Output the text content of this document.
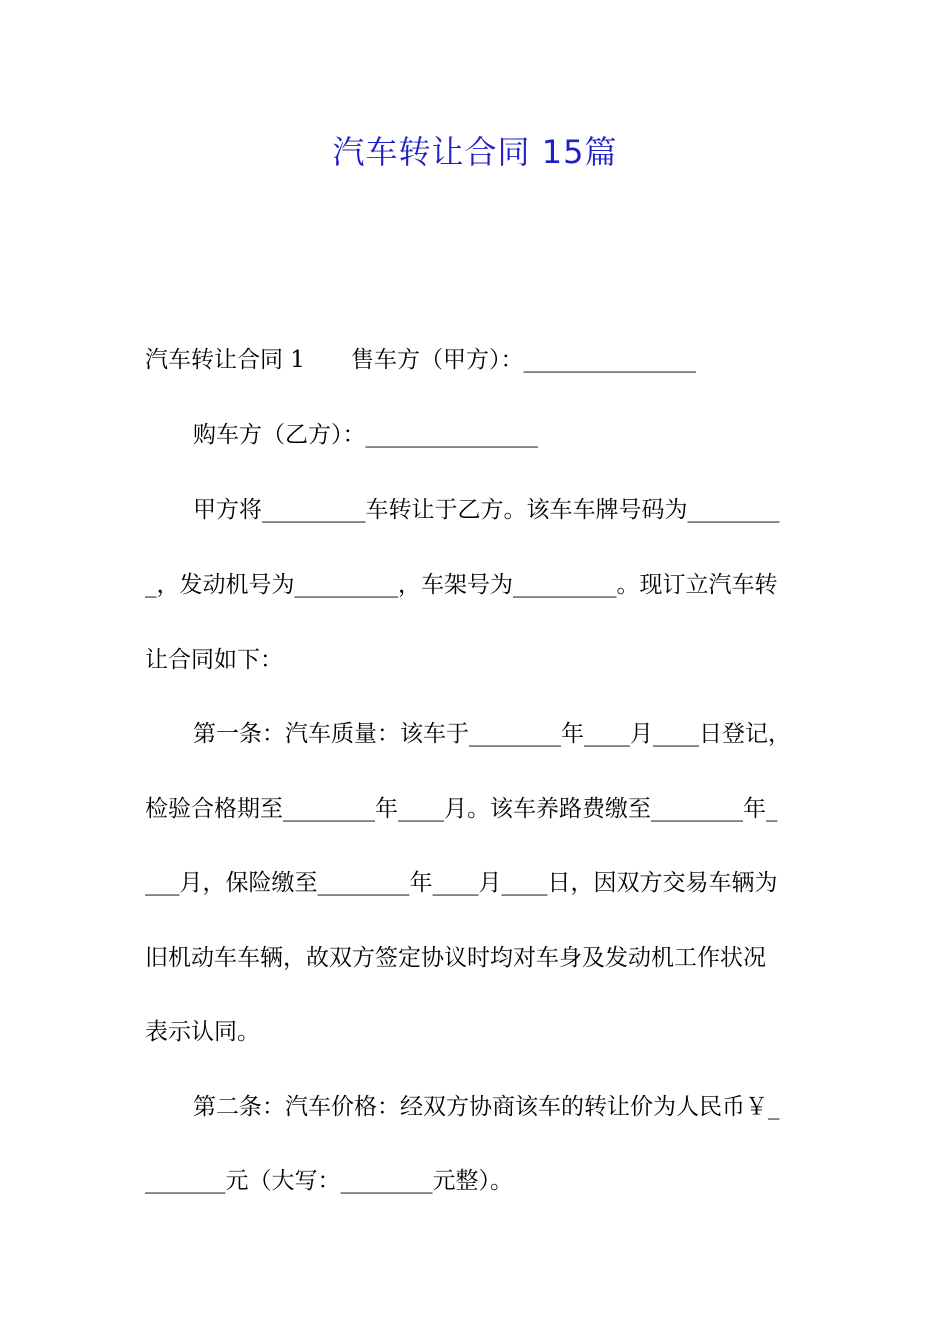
汽车转让合同 15篇
汽车转让合同 1　　售车方（甲方）：_______________
购车方（乙方）：_______________
甲方将_________车转让于乙方。该车车牌号码为________
_，发动机号为_________，车架号为_________。现订立汽车转
让合同如下：
第一条：汽车质量：该车于________年____月____日登记，
检验合格期至________年____月。该车养路费缴至________年_
___月，保险缴至________年____月____日，因双方交易车辆为
旧机动车车辆，故双方签定协议时均对车身及发动机工作状况
表示认同。
第二条：汽车价格：经双方协商该车的转让价为人民币￥_
_______元（大写：________元整）。
